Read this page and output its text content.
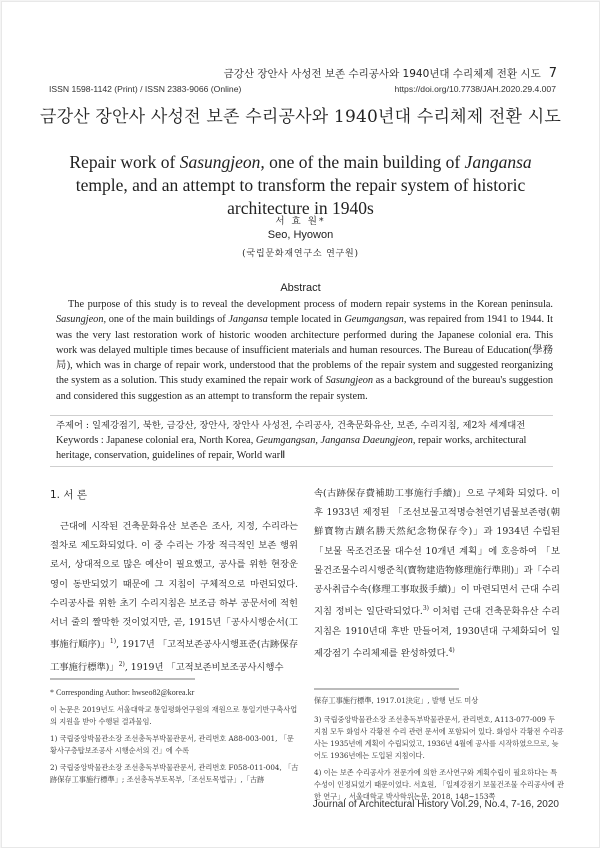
금강산 장안사 사성전 보존 수리공사와 1940년대 수리체제 전환 시도 7
ISSN 1598-1142 (Print) / ISSN 2383-9066 (Online)	https://doi.org/10.7738/JAH.2020.29.4.007
금강산 장안사 사성전 보존 수리공사와 1940년대 수리체제 전환 시도
Repair work of Sasungjeon, one of the main building of Jangansa temple, and an attempt to transform the repair system of historic architecture in 1940s
서 효 원*
Seo, Hyowon
(국립문화재연구소 연구원)
Abstract
The purpose of this study is to reveal the development process of modern repair systems in the Korean peninsula. Sasungjeon, one of the main buildings of Jangansa temple located in Geumgangsan, was repaired from 1941 to 1944. It was the very last restoration work of historic wooden architecture performed during the Japanese colonial era. This work was delayed multiple times because of insufficient materials and human resources. The Bureau of Education(學務局), which was in charge of repair work, understood that the problems of the repair system and suggested reorganizing the system as a solution. This study examined the repair work of Sasungjeon as a background of the bureau's suggestion and considered this suggestion as an attempt to transform the repair system.
주제어 : 일제강점기, 북한, 금강산, 장안사, 장안사 사성전, 수리공사, 건축문화유산, 보존, 수리지침, 제2차 세계대전
Keywords : Japanese colonial era, North Korea, Geumgangsan, Jangansa Daeungjeon, repair works, architectural heritage, conservation, guidelines of repair, World warⅡ
1. 서 론

근대에 시작된 건축문화유산 보존은 조사, 지정, 수리라는 절차로 제도화되었다. 이 중 수리는 가장 적극적인 보존 행위로서, 상대적으로 많은 예산이 필요했고, 공사를 위한 현장운영이 동반되었기 때문에 그 지침이 구체적으로 마련되었다. 수리공사를 위한 초기 수리지침은 보조금 하부 공문서에 적힌 서너 줄의 짤막한 것이었지만, 곧, 1915년「공사시행순서(工事施行順序)」$^{1)}$, 1917년 「고적보존공사시행표준(古跡保存工事施行標準)」$^{2)}$, 1919년 「고적보존비보조공사시행수

속(古跡保存費補助工事施行手續)」으로 구체화 되었다. 이후 1933년 제정된 「조선보물고적명승천연기념물보존령(朝鮮寶物古蹟名勝天然紀念物保存令)」과 1934년 수립된 「보물 목조건조물 대수선 10개년 계획」에 호응하여 「보물건조물수리시행준칙(寶物建造物修理施行準則)」과「수리공사취급수속(修理工事取扱手續)」이 마련되면서 근대 수리지침 정비는 일단락되었다.$^{3)}$ 이처럼 근대 건축문화유산 수리지침은 1910년대 후반 만들어져, 1930년대 구체화되어 일제강점기 수리체제를 완성하였다.$^{4)}$

* Corresponding Author: hwseo82@korea.kr

이 논문은 2019년도 서울대학교 통일평화연구원의 재원으로 통일기반구축사업의 지원을 받아 수행된 결과물임.

1) 국립중앙박물관소장 조선총독부박물관문서, 관리번호 A88-003-001, 「문황사구층탑보조공사 시행순서의 건」에 수록

2) 국립중앙박물관소장 조선총독부박물관문서, 관리번호 F058-011-004, 「古跡保存工事施行標準」; 조선총독부토목부,「조선토목법규」,「古跡

保存工事施行標準, 1917.01決定」, 발행 년도 미상

3) 국립중앙박물관소장 조선총독부박물관문서, 관리번호, A113-077-009 두 지침 모두 화엄사 각황전 수리 관련 문서에 포함되어 있다. 화엄사 각황전 수리공사는 1935년에 계획이 수립되었고, 1936년 4월에 공사를 시작하였으므로, 늦어도 1936년에는 도입된 지침이다.

4) 이는 보존 수리공사가 전문가에 의한 조사연구와 계획수립이 필요하다는 특수성이 인정되었기 때문이었다. 서효원, 「일제강점기 보물건조물 수리공사에 관한 연구」, 서울대학교 박사학위논문, 2018, 148~153쪽

Journal of Architectural History Vol.29, No.4, 7-16, 2020
